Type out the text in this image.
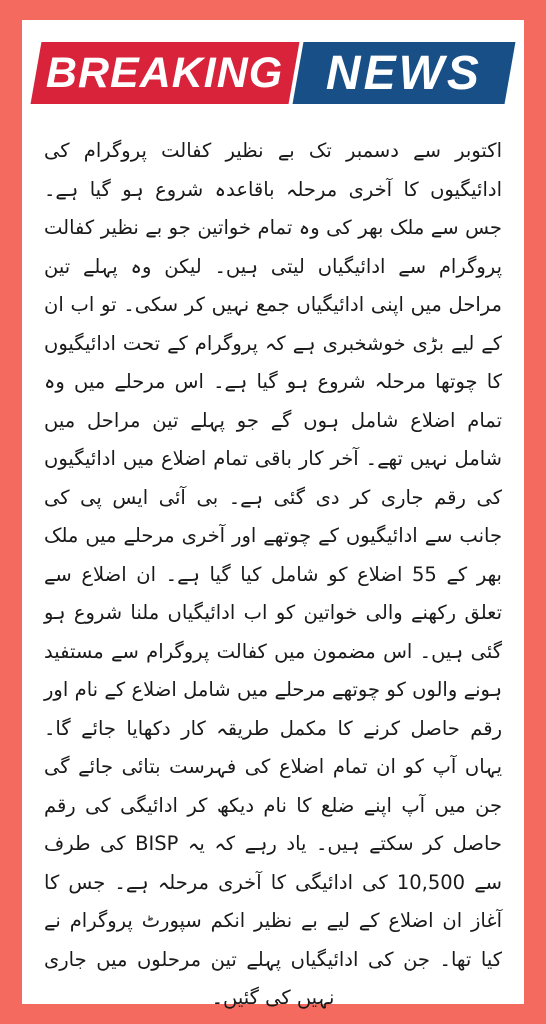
BREAKING NEWS

اکتوبر سے دسمبر تک بے نظیر کفالت پروگرام کی ادائیگیوں کا آخری مرحلہ باقاعدہ شروع ہو گیا ہے۔ جس سے ملک بھر کی وہ تمام خواتین جو بے نظیر کفالت پروگرام سے ادائیگیاں لیتی ہیں۔ لیکن وہ پہلے تین مراحل میں اپنی ادائیگیاں جمع نہیں کر سکی۔ تو اب ان کے لیے بڑی خوشخبری ہے کہ پروگرام کے تحت ادائیگیوں کا چوتھا مرحلہ شروع ہو گیا ہے۔ اس مرحلے میں وہ تمام اضلاع شامل ہوں گے جو پہلے تین مراحل میں شامل نہیں تھے۔ آخر کار باقی تمام اضلاع میں ادائیگیوں کی رقم جاری کر دی گئی ہے۔ بی آئی ایس پی کی جانب سے ادائیگیوں کے چوتھے اور آخری مرحلے میں ملک بھر کے 55 اضلاع کو شامل کیا گیا ہے۔ ان اضلاع سے تعلق رکھنے والی خواتین کو اب ادائیگیاں ملنا شروع ہو گئی ہیں۔ اس مضمون میں کفالت پروگرام سے مستفید ہونے والوں کو چوتھے مرحلے میں شامل اضلاع کے نام اور رقم حاصل کرنے کا مکمل طریقہ کار دکھایا جائے گا۔ یہاں آپ کو ان تمام اضلاع کی فہرست بتائی جائے گی جن میں آپ اپنے ضلع کا نام دیکھ کر ادائیگی کی رقم حاصل کر سکتے ہیں۔ یاد رہے کہ یہ BISP کی طرف سے 10,500 کی ادائیگی کا آخری مرحلہ ہے۔ جس کا آغاز ان اضلاع کے لیے بے نظیر انکم سپورٹ پروگرام نے کیا تھا۔ جن کی ادائیگیاں پہلے تین مرحلوں میں جاری نہیں کی گئیں۔
